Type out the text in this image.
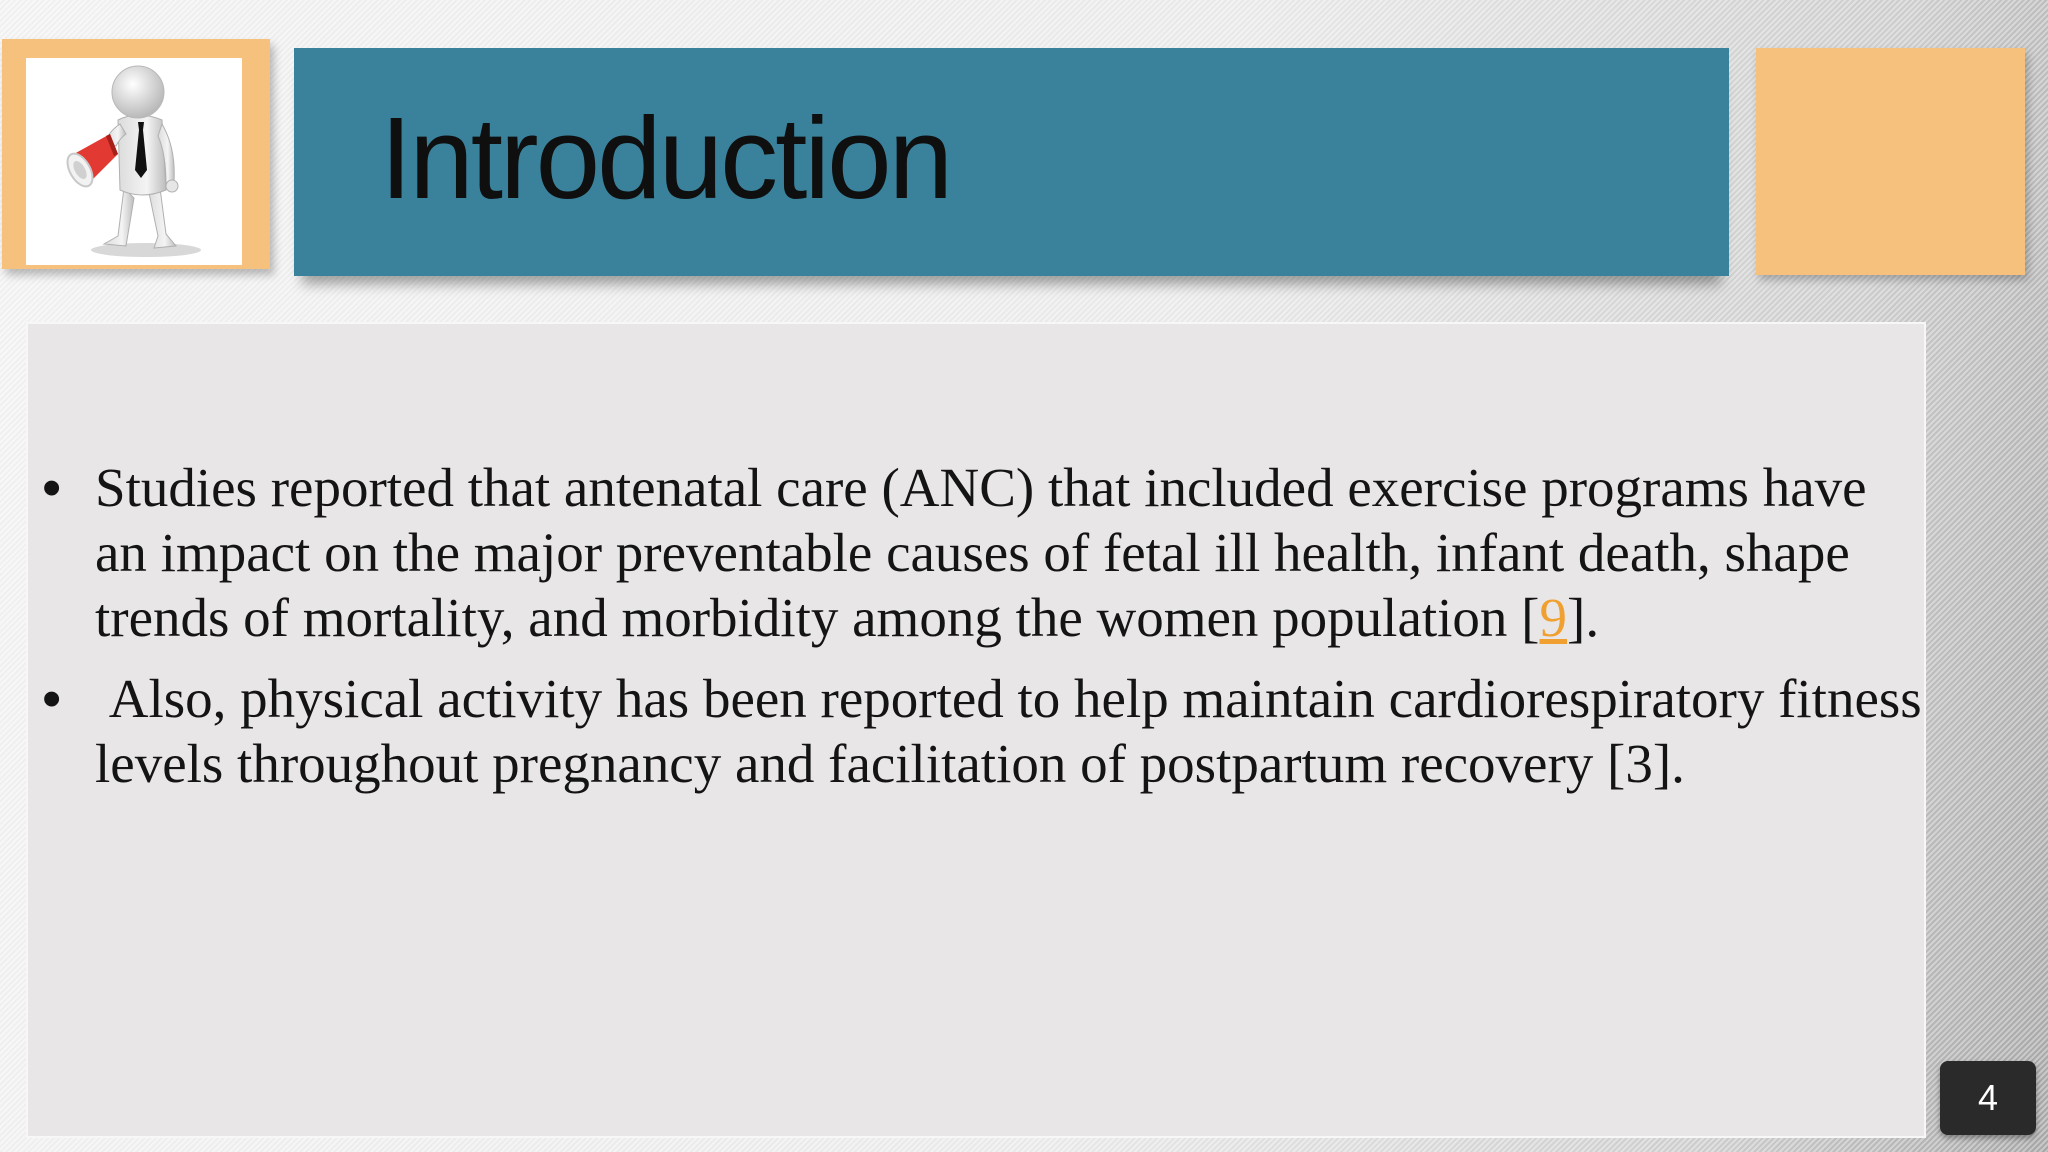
Introduction
• Studies reported that antenatal care (ANC) that included exercise programs have an impact on the major preventable causes of fetal ill health, infant death, shape trends of mortality, and morbidity among the women population [9].
• Also, physical activity has been reported to help maintain cardiorespiratory fitness levels throughout pregnancy and facilitation of postpartum recovery [3].
4
